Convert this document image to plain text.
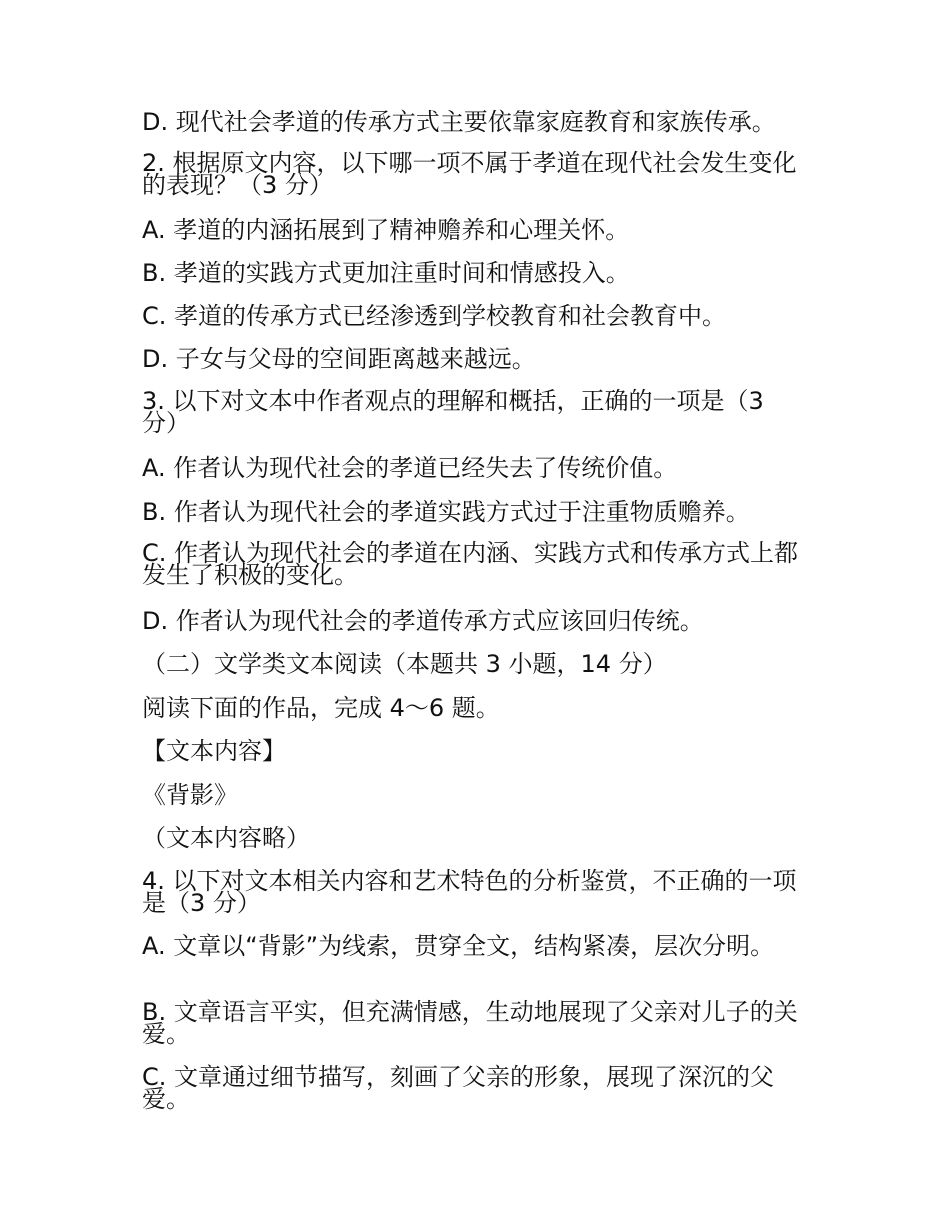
D. 现代社会孝道的传承方式主要依靠家庭教育和家族传承。
2. 根据原文内容，以下哪一项不属于孝道在现代社会发生变化的表现？（3 分）
A. 孝道的内涵拓展到了精神赡养和心理关怀。
B. 孝道的实践方式更加注重时间和情感投入。
C. 孝道的传承方式已经渗透到学校教育和社会教育中。
D. 子女与父母的空间距离越来越远。
3. 以下对文本中作者观点的理解和概括，正确的一项是（3 分）
A. 作者认为现代社会的孝道已经失去了传统价值。
B. 作者认为现代社会的孝道实践方式过于注重物质赡养。
C. 作者认为现代社会的孝道在内涵、实践方式和传承方式上都发生了积极的变化。
D. 作者认为现代社会的孝道传承方式应该回归传统。
（二）文学类文本阅读（本题共 3 小题，14 分）
阅读下面的作品，完成 4～6 题。
【文本内容】
《背影》
（文本内容略）
4. 以下对文本相关内容和艺术特色的分析鉴赏，不正确的一项是（3 分）
A. 文章以“背影”为线索，贯穿全文，结构紧凑，层次分明。
B. 文章语言平实，但充满情感，生动地展现了父亲对儿子的关爱。
C. 文章通过细节描写，刻画了父亲的形象，展现了深沉的父爱。
